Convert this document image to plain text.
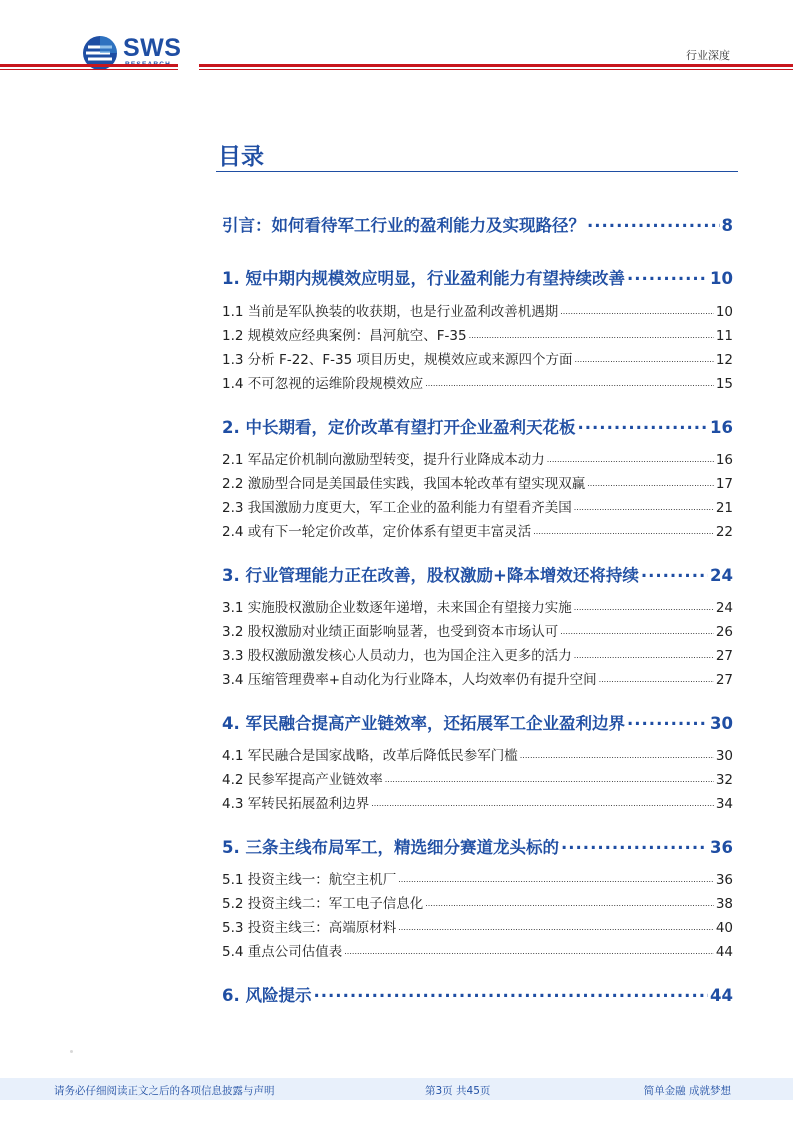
SWS	行业深度
目录
引言：如何看待军工行业的盈利能力及实现路径？ .....	8
1. 短中期内规模效应明显，行业盈利能力有望持续改善 .....	10
1.1 当前是军队换装的收获期，也是行业盈利改善机遇期 .....	10
1.2 规模效应经典案例：昌河航空、F-35 .....	11
1.3 分析 F-22、F-35 项目历史，规模效应或来源四个方面 .....	12
1.4 不可忽视的运维阶段规模效应 .....	15
2. 中长期看，定价改革有望打开企业盈利天花板 .....	16
2.1 军品定价机制向激励型转变，提升行业降成本动力 .....	16
2.2 激励型合同是美国最佳实践，我国本轮改革有望实现双赢 .....	17
2.3 我国激励力度更大，军工企业的盈利能力有望看齐美国 .....	21
2.4 或有下一轮定价改革，定价体系有望更丰富灵活 .....	22
3. 行业管理能力正在改善，股权激励+降本增效还将持续 .....	24
3.1 实施股权激励企业数逐年递增，未来国企有望接力实施 .....	24
3.2 股权激励对业绩正面影响显著，也受到资本市场认可 .....	26
3.3 股权激励激发核心人员动力，也为国企注入更多的活力 .....	27
3.4 压缩管理费率+自动化为行业降本，人均效率仍有提升空间 .....	27
4. 军民融合提高产业链效率，还拓展军工企业盈利边界 .....	30
4.1 军民融合是国家战略，改革后降低民参军门槛 .....	30
4.2 民参军提高产业链效率 .....	32
4.3 军转民拓展盈利边界 .....	34
5. 三条主线布局军工，精选细分赛道龙头标的 .....	36
5.1 投资主线一：航空主机厂 .....	36
5.2 投资主线二：军工电子信息化 .....	38
5.3 投资主线三：高端原材料 .....	40
5.4 重点公司估值表 .....	44
6. 风险提示 .....	44
请务必仔细阅读正文之后的各项信息披露与声明	第3页 共45页	简单金融 成就梦想
